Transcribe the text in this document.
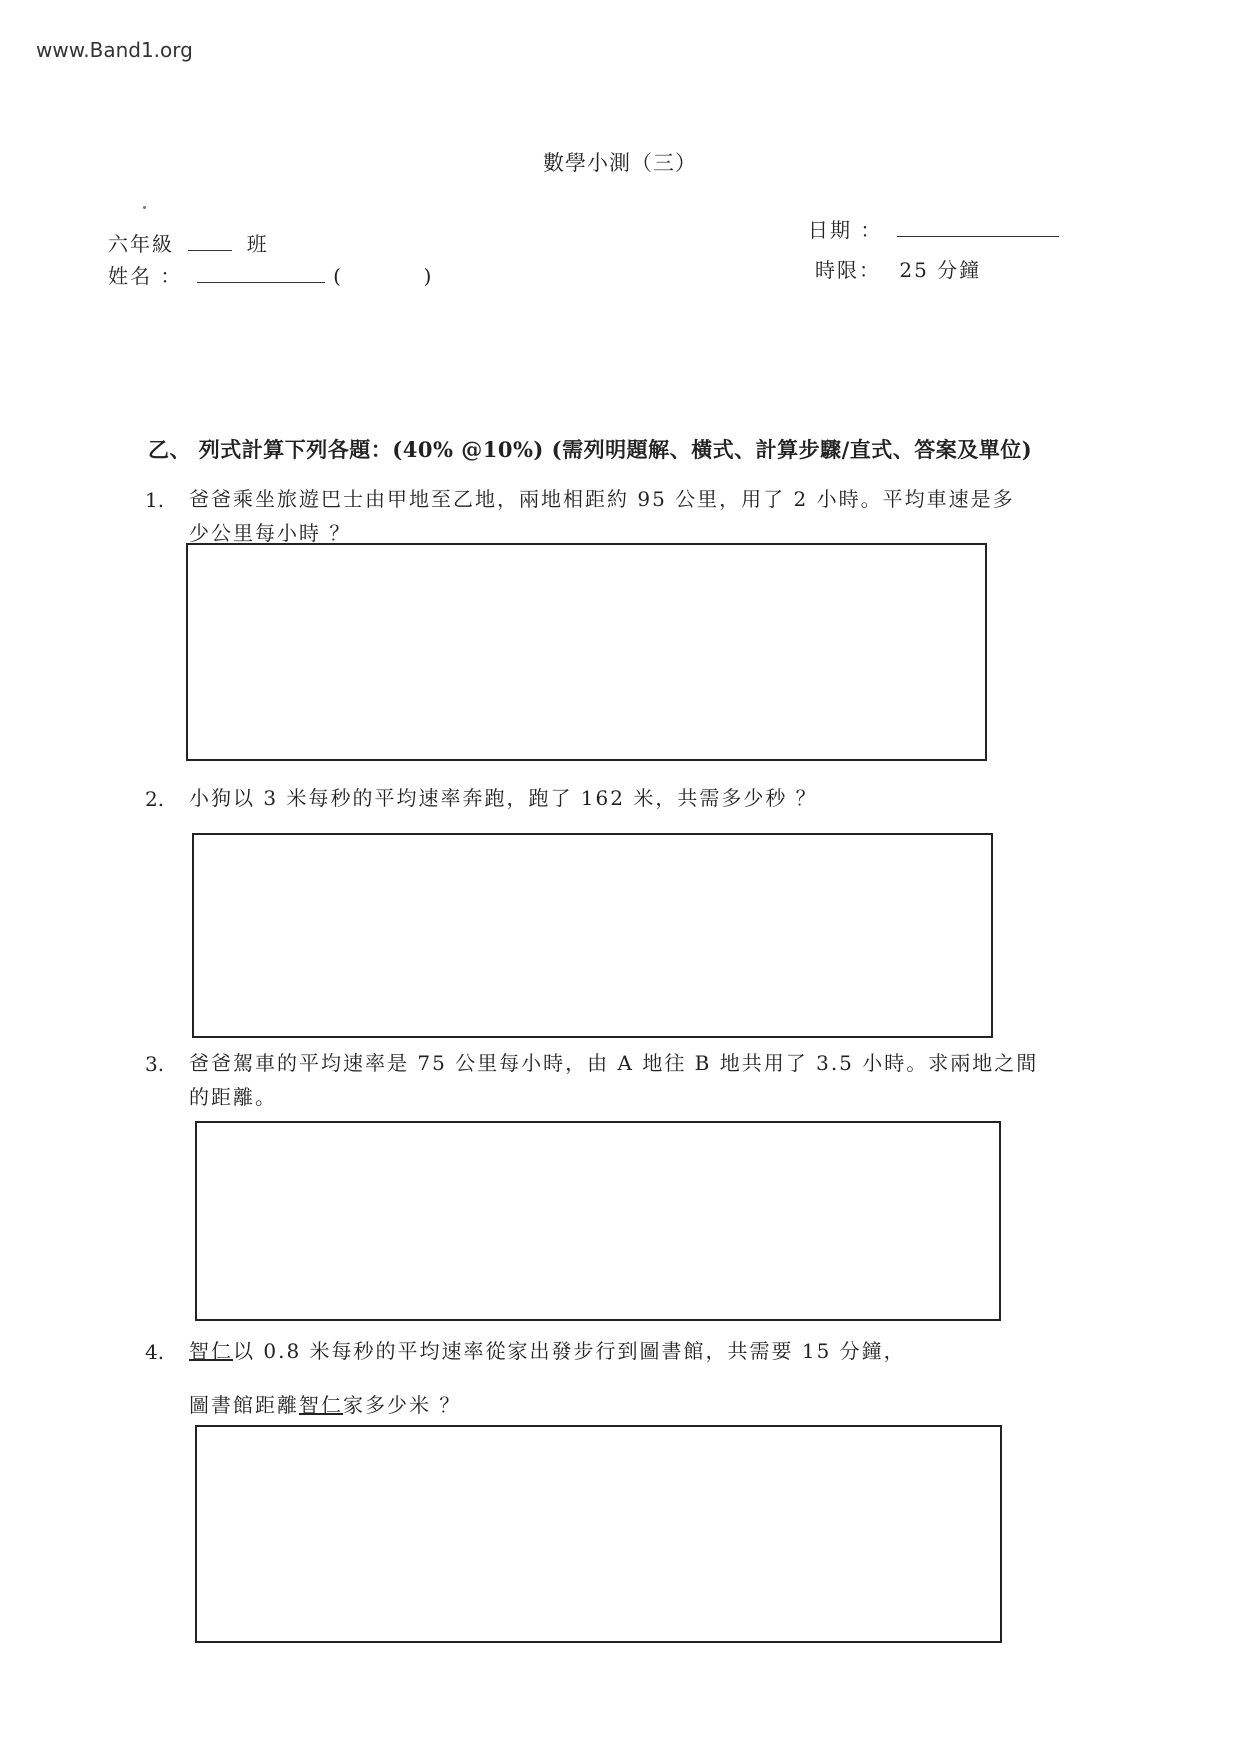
www.Band1.org
數學小測（三）
六年級	班
姓名 ：	(	)
日期 ：
時限： 25 分鐘
乙、 列式計算下列各題：(40% @10%) (需列明題解、橫式、計算步驟/直式、答案及單位)
1. 爸爸乘坐旅遊巴士由甲地至乙地，兩地相距約 95 公里，用了 2 小時。平均車速是多
少公里每小時 ？
2. 小狗以 3 米每秒的平均速率奔跑，跑了 162 米，共需多少秒 ？
3. 爸爸駕車的平均速率是 75 公里每小時，由 A 地往 B 地共用了 3.5 小時。求兩地之間
的距離。
4. 智仁以 0.8 米每秒的平均速率從家出發步行到圖書館，共需要 15 分鐘，
圖書館距離智仁家多少米 ？
